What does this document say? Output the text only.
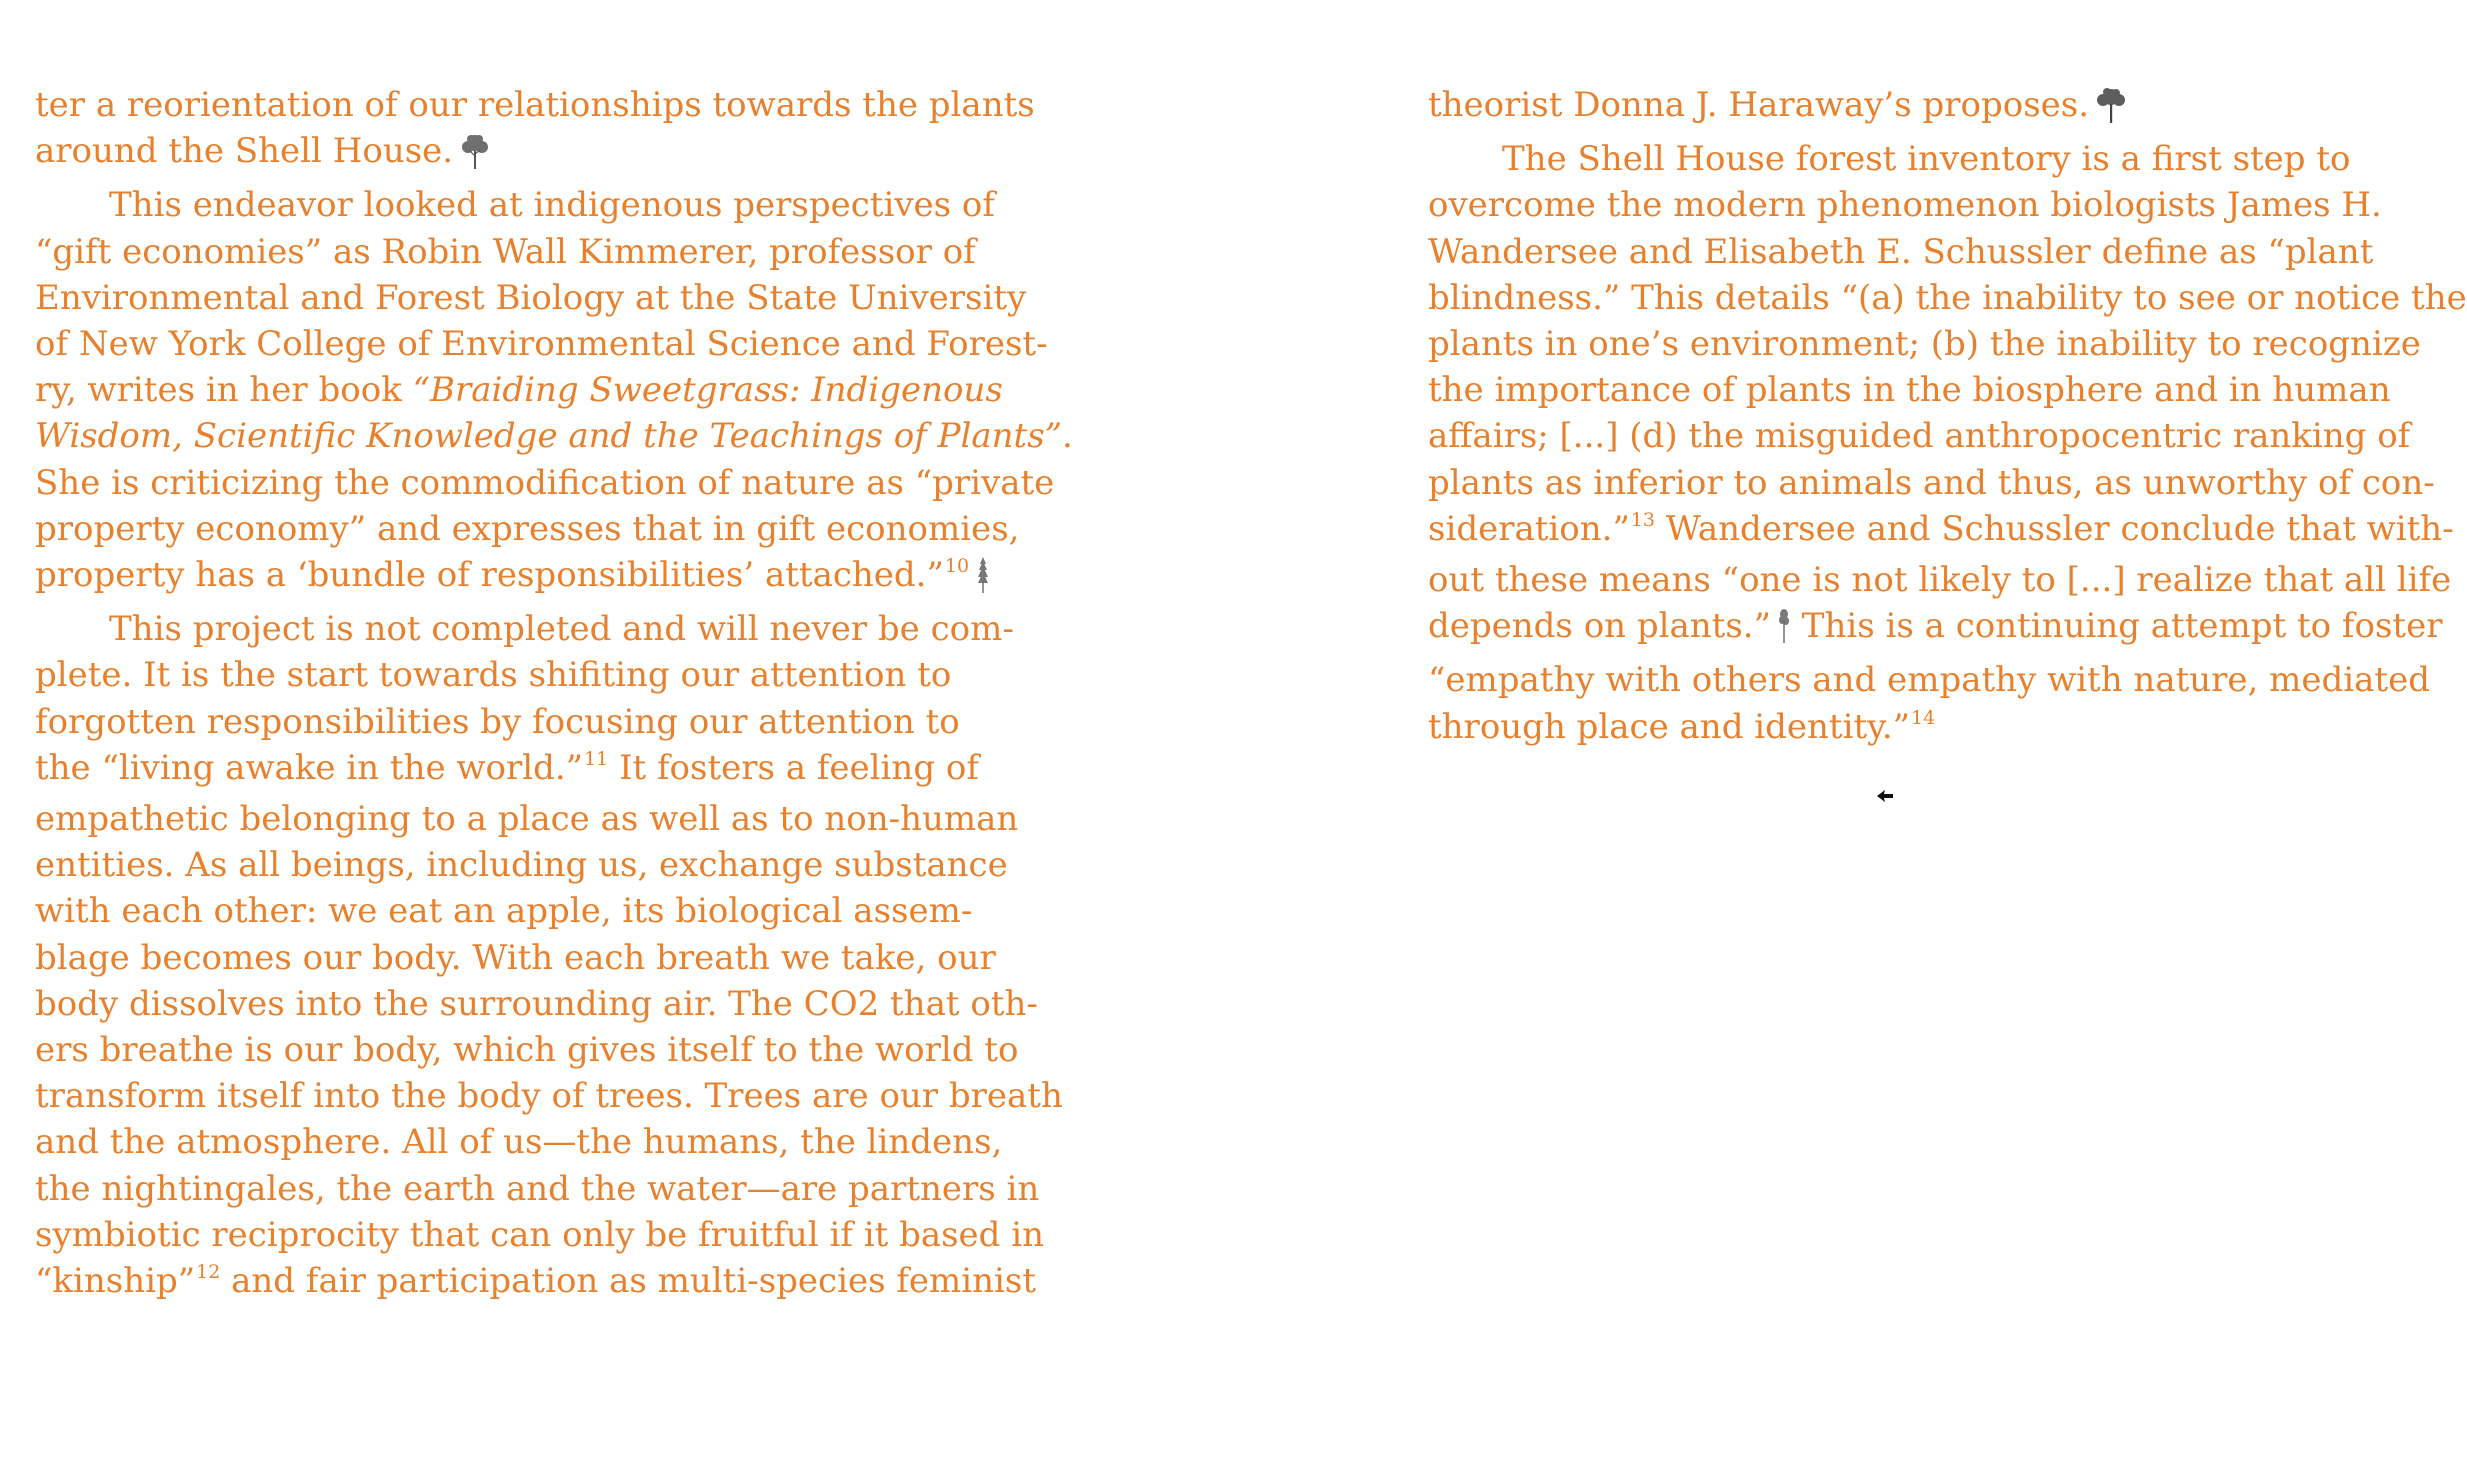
ter a reorientation of our relationships towards the plants
around the Shell House.
This endeavor looked at indigenous perspectives of
“gift economies” as Robin Wall Kimmerer, professor of
Environmental and Forest Biology at the State University
of New York College of Environmental Science and Forest-
ry, writes in her book “Braiding Sweetgrass: Indigenous
Wisdom, Scientific Knowledge and the Teachings of Plants”.
She is criticizing the commodification of nature as “private
property economy” and expresses that in gift economies,
property has a ‘bundle of responsibilities’ attached.”$^{10}$
This project is not completed and will never be com-
plete. It is the start towards shifiting our attention to
forgotten responsibilities by focusing our attention to
the “living awake in the world.”$^{11}$ It fosters a feeling of
empathetic belonging to a place as well as to non-human
entities. As all beings, including us, exchange substance
with each other: we eat an apple, its biological assem-
blage becomes our body. With each breath we take, our
body dissolves into the surrounding air. The CO2 that oth-
ers breathe is our body, which gives itself to the world to
transform itself into the body of trees. Trees are our breath
and the atmosphere. All of us—the humans, the lindens,
the nightingales, the earth and the water—are partners in
symbiotic reciprocity that can only be fruitful if it based in
“kinship”$^{12}$ and fair participation as multi-species feminist
theorist Donna J. Haraway’s proposes.
The Shell House forest inventory is a first step to
overcome the modern phenomenon biologists James H.
Wandersee and Elisabeth E. Schussler define as “plant
blindness.” This details “(a) the inability to see or notice the
plants in one’s environment; (b) the inability to recognize
the importance of plants in the biosphere and in human
affairs; [...] (d) the misguided anthropocentric ranking of
plants as inferior to animals and thus, as unworthy of con-
sideration.”$^{13}$ Wandersee and Schussler conclude that with-
out these means “one is not likely to [...] realize that all life
depends on plants.” This is a continuing attempt to foster
“empathy with others and empathy with nature, mediated
through place and identity.”$^{14}$
